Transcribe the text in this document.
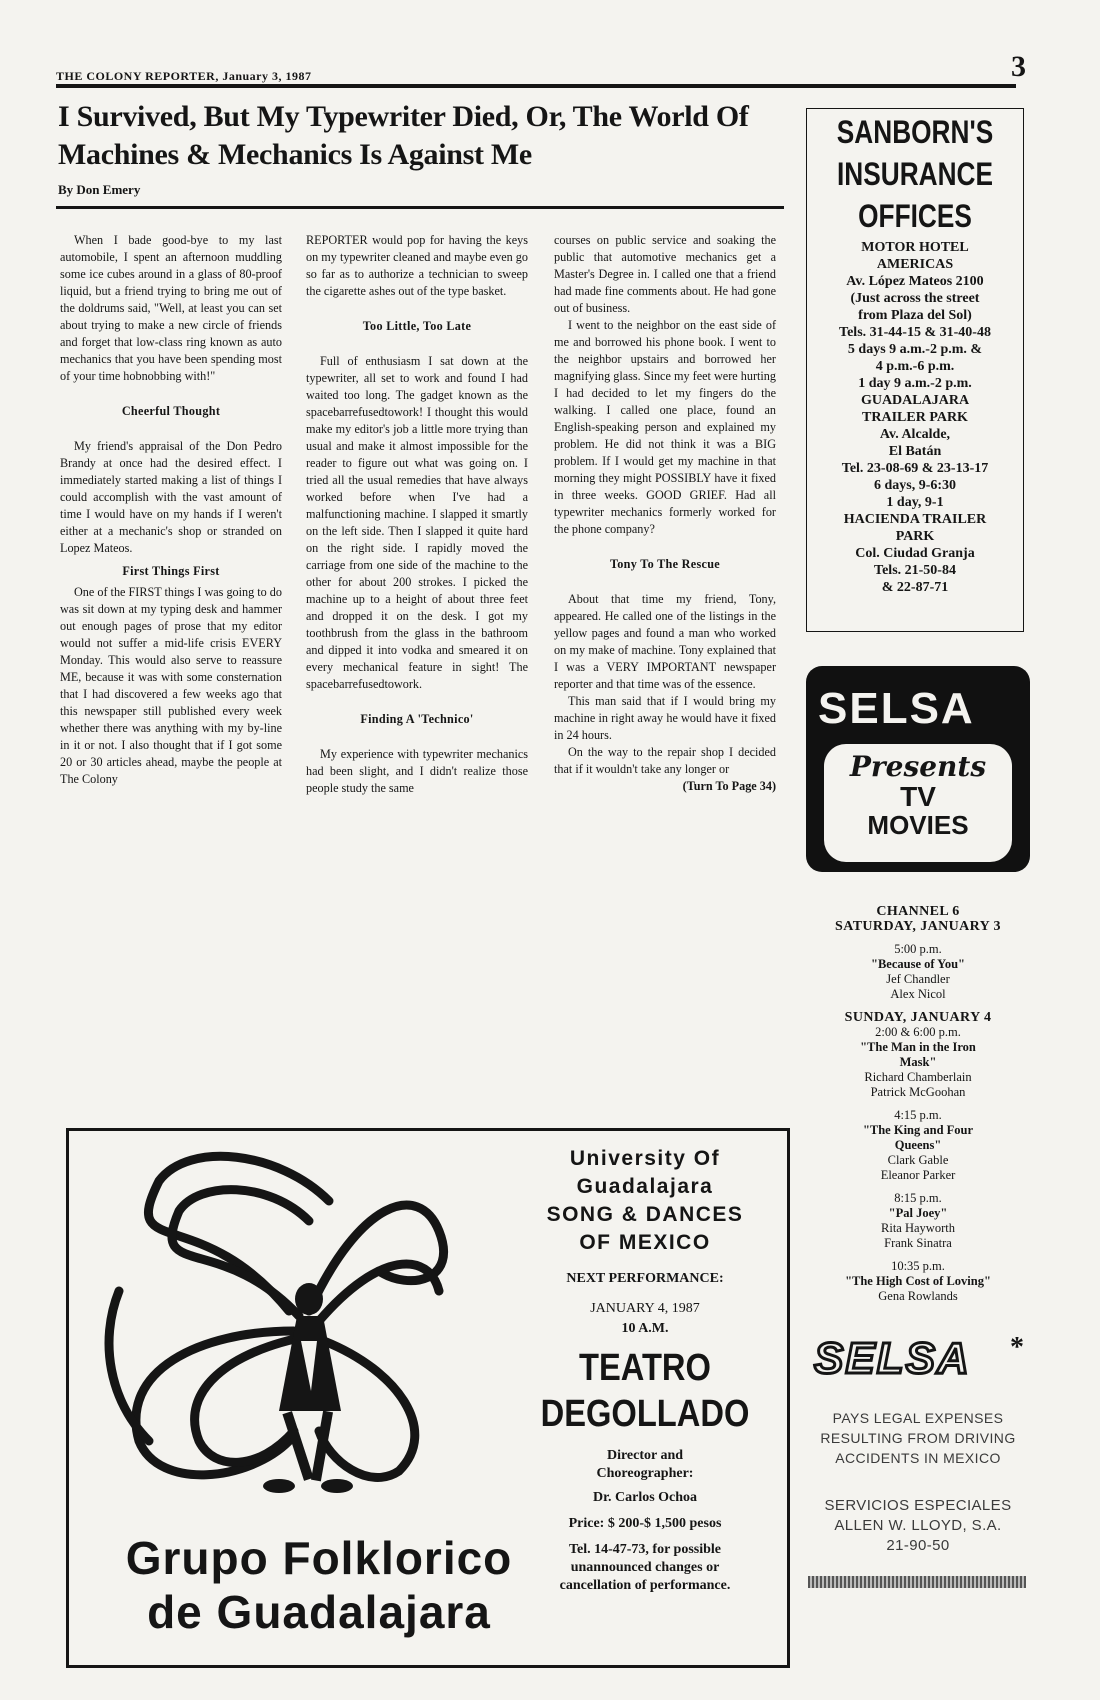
THE COLONY REPORTER, January 3, 1987	3
I Survived, But My Typewriter Died, Or, The World Of Machines & Mechanics Is Against Me
By Don Emery

When I bade good-bye to my last automobile, I spent an afternoon muddling some ice cubes around in a glass of 80-proof liquid, but a friend trying to bring me out of the doldrums said, "Well, at least you can set about trying to make a new circle of friends and forget that low-class ring known as auto mechanics that you have been spending most of your time hobnobbing with!"

Cheerful Thought

My friend's appraisal of the Don Pedro Brandy at once had the desired effect. I immediately started making a list of things I could accomplish with the vast amount of time I would have on my hands if I weren't either at a mechanic's shop or stranded on Lopez Mateos.

First Things First

One of the FIRST things I was going to do was sit down at my typing desk and hammer out enough pages of prose that my editor would not suffer a mid-life crisis EVERY Monday. This would also serve to reassure ME, because it was with some consternation that I had discovered a few weeks ago that this newspaper still published every week whether there was anything with my by-line in it or not. I also thought that if I got some 20 or 30 articles ahead, maybe the people at The Colony

REPORTER would pop for having the keys on my typewriter cleaned and maybe even go so far as to authorize a technician to sweep the cigarette ashes out of the type basket.

Too Little, Too Late

Full of enthusiasm I sat down at the typewriter, all set to work and found I had waited too long. The gadget known as the spacebarrefusedtowork! I thought this would make my editor's job a little more trying than usual and make it almost impossible for the reader to figure out what was going on. I tried all the usual remedies that have always worked before when I've had a malfunctioning machine. I slapped it smartly on the left side. Then I slapped it quite hard on the right side. I rapidly moved the carriage from one side of the machine to the other for about 200 strokes. I picked the machine up to a height of about three feet and dropped it on the desk. I got my toothbrush from the glass in the bathroom and dipped it into vodka and smeared it on every mechanical feature in sight! The spacebarrefusedtowork.

Finding A 'Technico'

My experience with typewriter mechanics had been slight, and I didn't realize those people study the same

courses on public service and soaking the public that automotive mechanics get a Master's Degree in. I called one that a friend had made fine comments about. He had gone out of business.

I went to the neighbor on the east side of me and borrowed his phone book. I went to the neighbor upstairs and borrowed her magnifying glass. Since my feet were hurting I had decided to let my fingers do the walking. I called one place, found an English-speaking person and explained my problem. He did not think it was a BIG problem. If I would get my machine in that morning they might POSSIBLY have it fixed in three weeks. GOOD GRIEF. Had all typewriter mechanics formerly worked for the phone company?

Tony To The Rescue

About that time my friend, Tony, appeared. He called one of the listings in the yellow pages and found a man who worked on my make of machine. Tony explained that I was a VERY IMPORTANT newspaper reporter and that time was of the essence.

This man said that if I would bring my machine in right away he would have it fixed in 24 hours.

On the way to the repair shop I decided that if it wouldn't take any longer or

(Turn To Page 34)

SANBORN'S
INSURANCE
OFFICES
MOTOR HOTEL
AMERICAS
Av. López Mateos 2100
(Just across the street
from Plaza del Sol)
Tels. 31-44-15 & 31-40-48
5 days 9 a.m.-2 p.m. &
4 p.m.-6 p.m.
1 day 9 a.m.-2 p.m.
GUADALAJARA
TRAILER PARK
Av. Alcalde,
El Batán
Tel. 23-08-69 & 23-13-17
6 days, 9-6:30
1 day, 9-1
HACIENDA TRAILER
PARK
Col. Ciudad Granja
Tels. 21-50-84
& 22-87-71
SELSA
Presents
TV
MOVIES
CHANNEL 6
SATURDAY, JANUARY 3
5:00 p.m.
"Because of You"
Jef Chandler
Alex Nicol
SUNDAY, JANUARY 4
2:00 & 6:00 p.m.
"The Man in the Iron
Mask"
Richard Chamberlain
Patrick McGoohan
4:15 p.m.
"The King and Four
Queens"
Clark Gable
Eleanor Parker
8:15 p.m.
"Pal Joey"
Rita Hayworth
Frank Sinatra
10:35 p.m.
"The High Cost of Loving"
Gena Rowlands
SELSA *
PAYS LEGAL EXPENSES
RESULTING FROM DRIVING
ACCIDENTS IN MEXICO
SERVICIOS ESPECIALES
ALLEN W. LLOYD, S.A.
21-90-50
Grupo Folklorico
de Guadalajara
University Of
Guadalajara
SONG & DANCES
OF MEXICO
NEXT PERFORMANCE:
JANUARY 4, 1987
10 A.M.
TEATRO
DEGOLLADO
Director and
Choreographer:
Dr. Carlos Ochoa
Price: $ 200-$ 1,500 pesos
Tel. 14-47-73, for possible
unannounced changes or
cancellation of performance.
